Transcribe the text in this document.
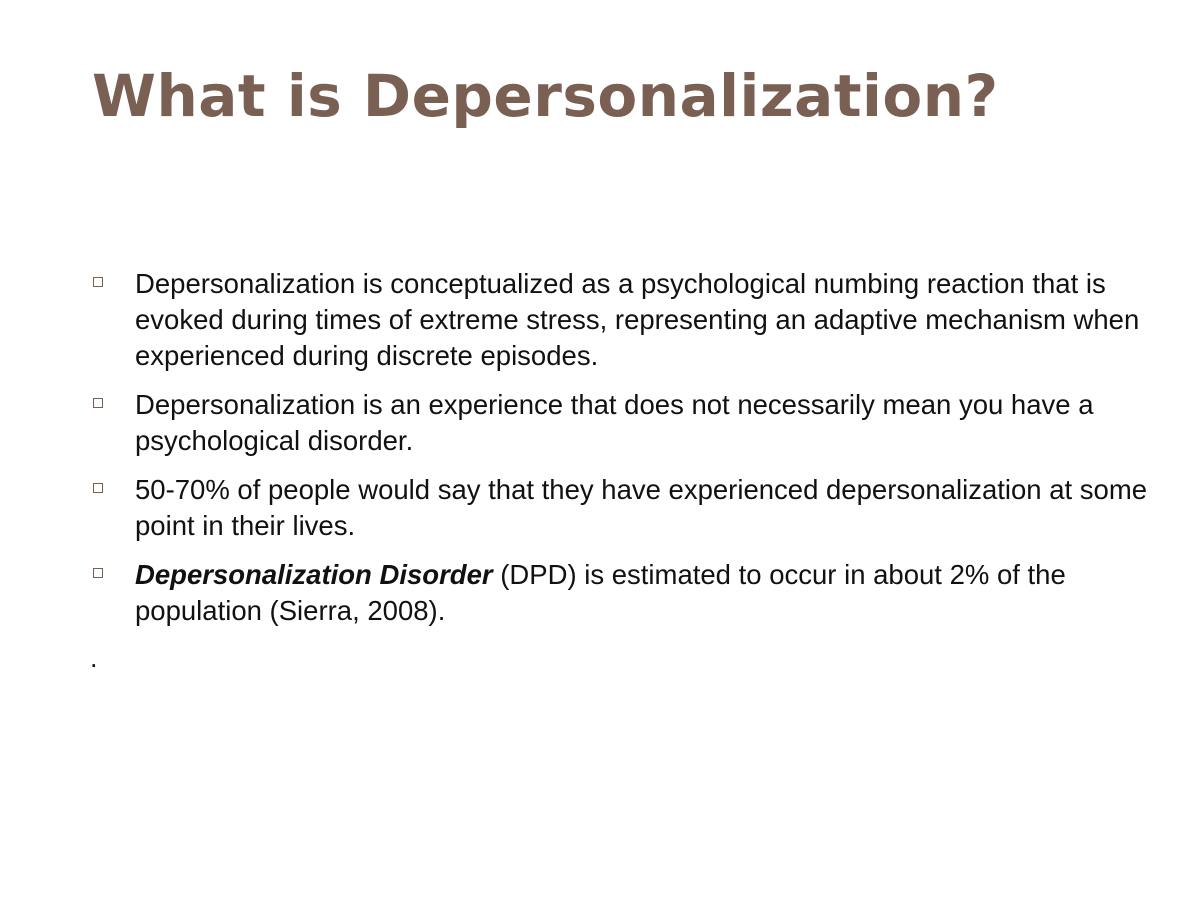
What is Depersonalization?
Depersonalization is conceptualized as a psychological numbing reaction that is evoked during times of extreme stress, representing an adaptive mechanism when experienced during discrete episodes.
Depersonalization is an experience that does not necessarily mean you have a psychological disorder.
50-70% of people would say that they have experienced depersonalization at some point in their lives.
Depersonalization Disorder (DPD) is estimated to occur in about 2% of the population (Sierra, 2008).
.
